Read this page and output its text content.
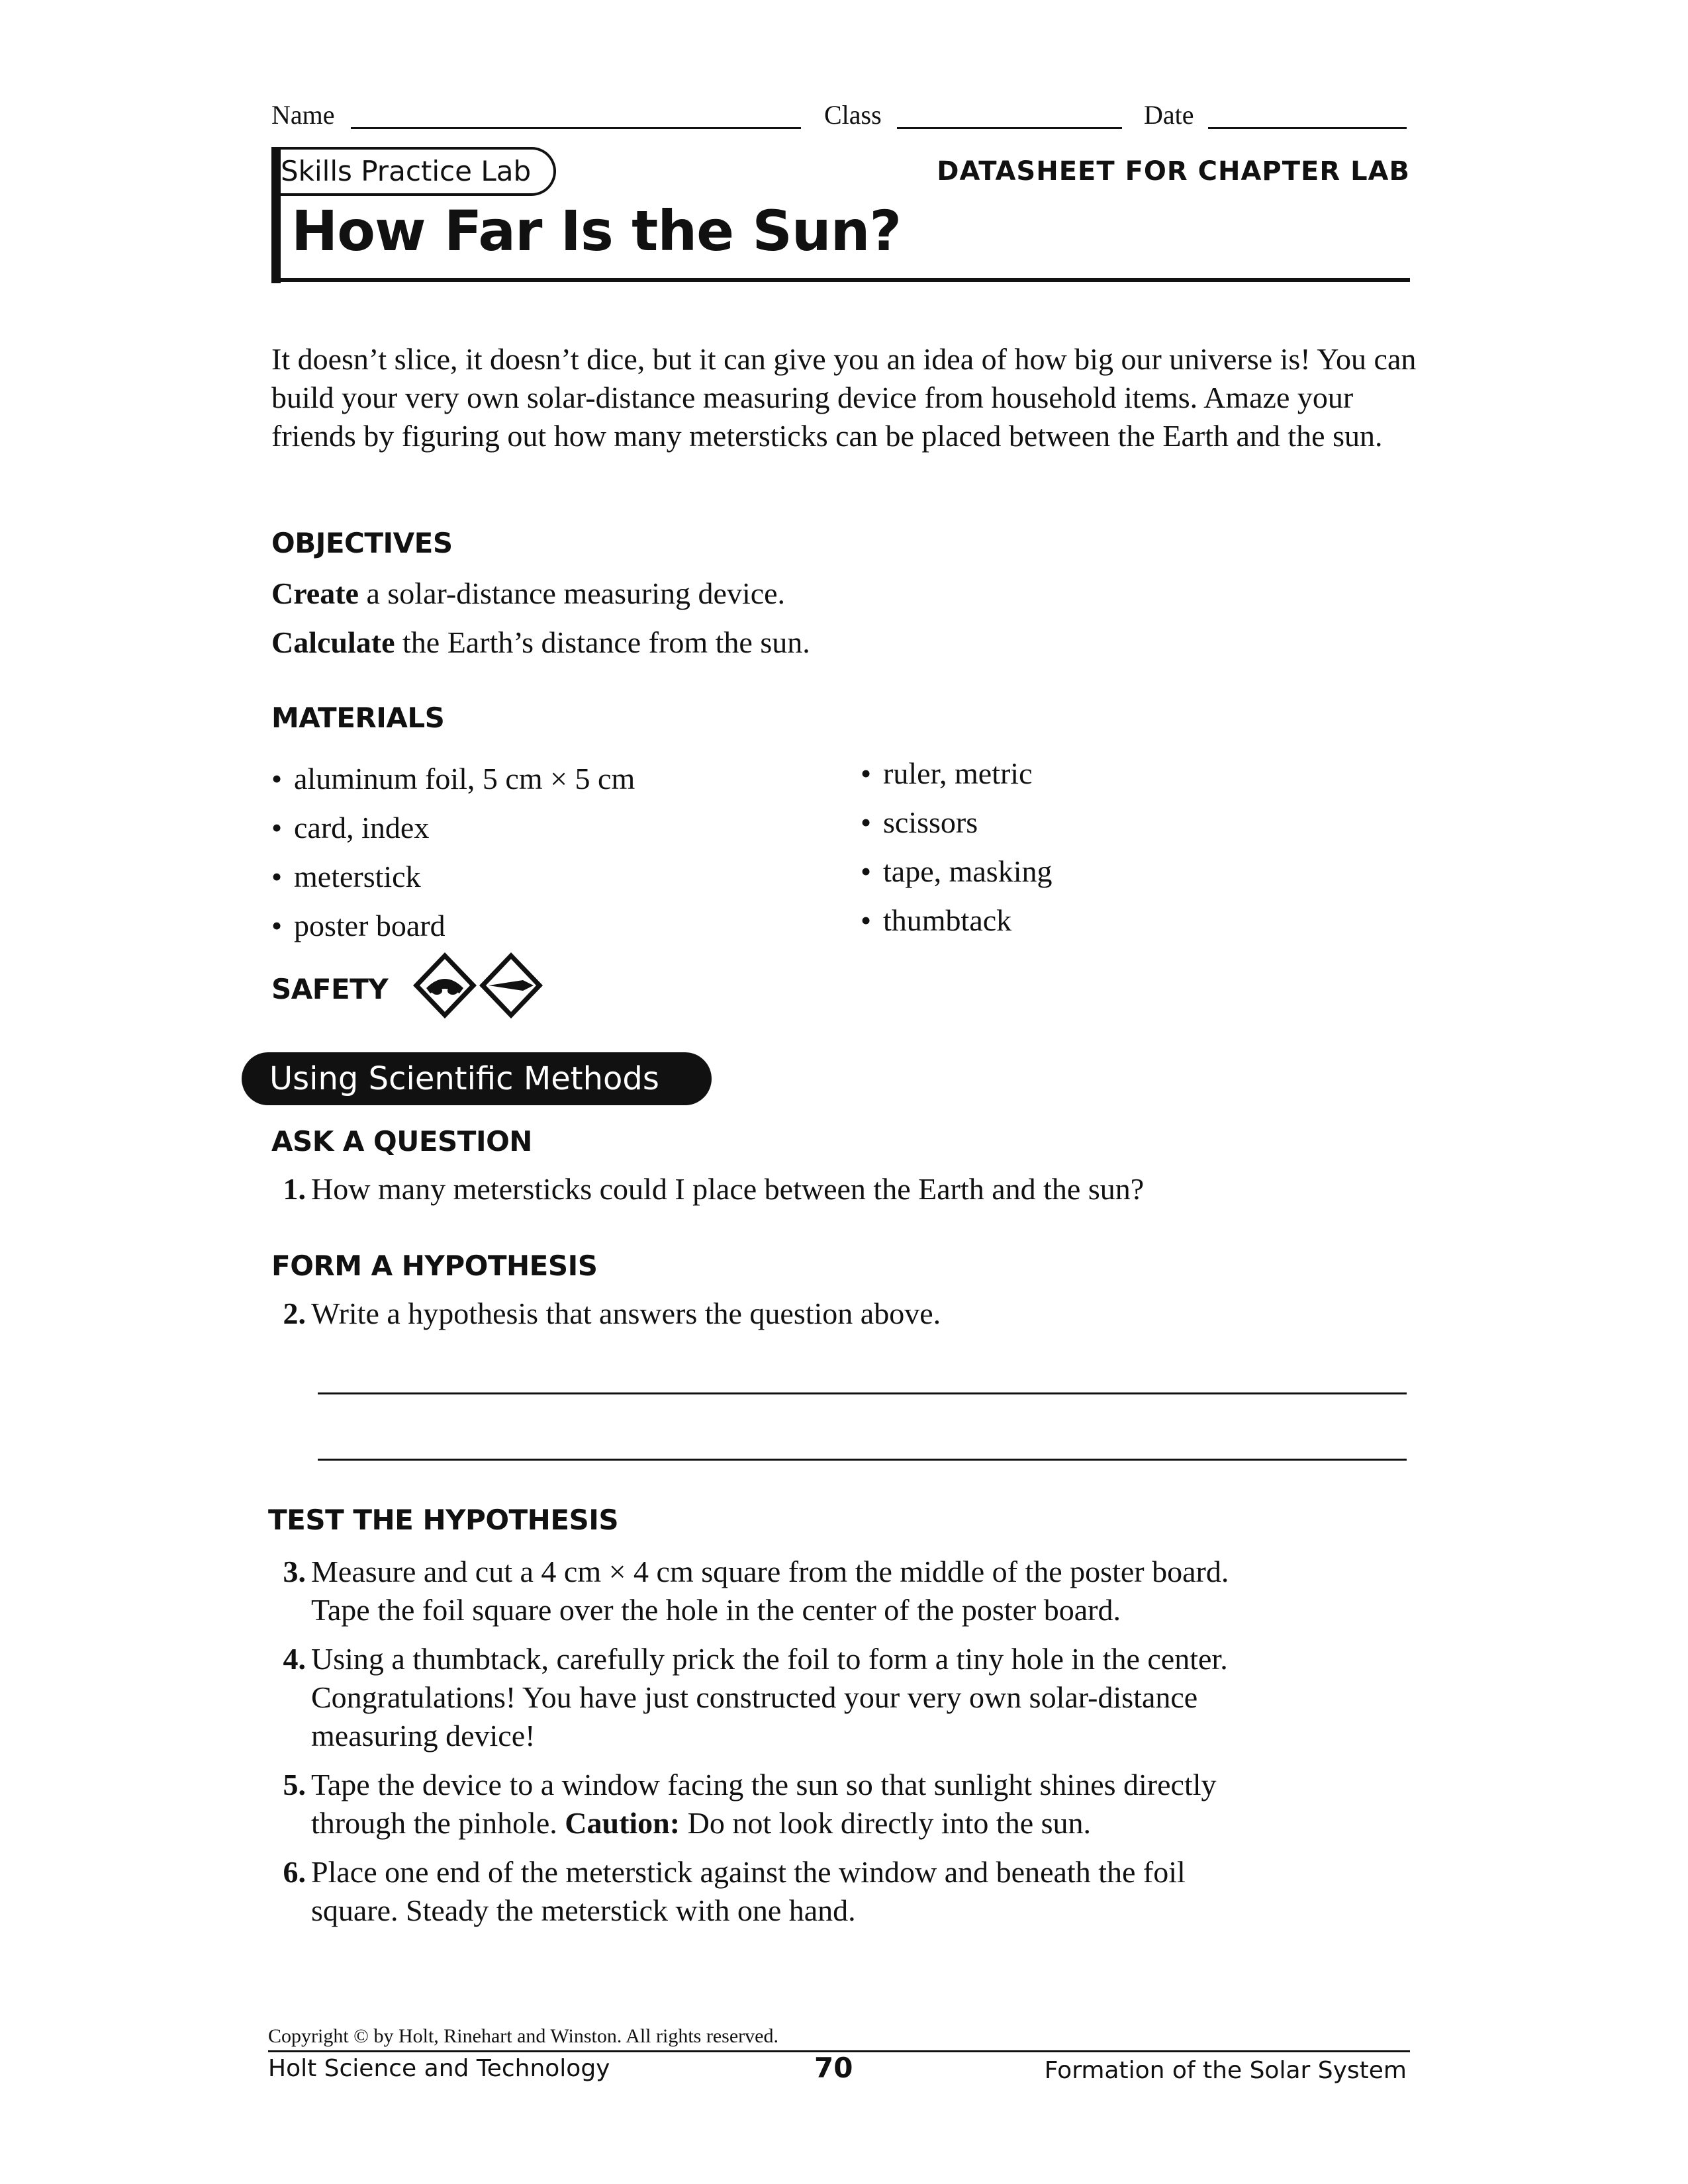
Name	Class	Date
Skills Practice Lab	DATASHEET FOR CHAPTER LAB
How Far Is the Sun?
It doesn’t slice, it doesn’t dice, but it can give you an idea of how big our universe is! You can build your very own solar-distance measuring device from household items. Amaze your friends by figuring out how many metersticks can be placed between the Earth and the sun.
OBJECTIVES
Create a solar-distance measuring device.
Calculate the Earth’s distance from the sun.
MATERIALS
• aluminum foil, 5 cm × 5 cm
• card, index
• meterstick
• poster board
• ruler, metric
• scissors
• tape, masking
• thumbtack
SAFETY
Using Scientific Methods
ASK A QUESTION
1. How many metersticks could I place between the Earth and the sun?
FORM A HYPOTHESIS
2. Write a hypothesis that answers the question above.
TEST THE HYPOTHESIS
3. Measure and cut a 4 cm × 4 cm square from the middle of the poster board.
Tape the foil square over the hole in the center of the poster board.
4. Using a thumbtack, carefully prick the foil to form a tiny hole in the center.
Congratulations! You have just constructed your very own solar-distance
measuring device!
5. Tape the device to a window facing the sun so that sunlight shines directly
through the pinhole. Caution: Do not look directly into the sun.
6. Place one end of the meterstick against the window and beneath the foil
square. Steady the meterstick with one hand.
Copyright © by Holt, Rinehart and Winston. All rights reserved.
Holt Science and Technology	70	Formation of the Solar System
